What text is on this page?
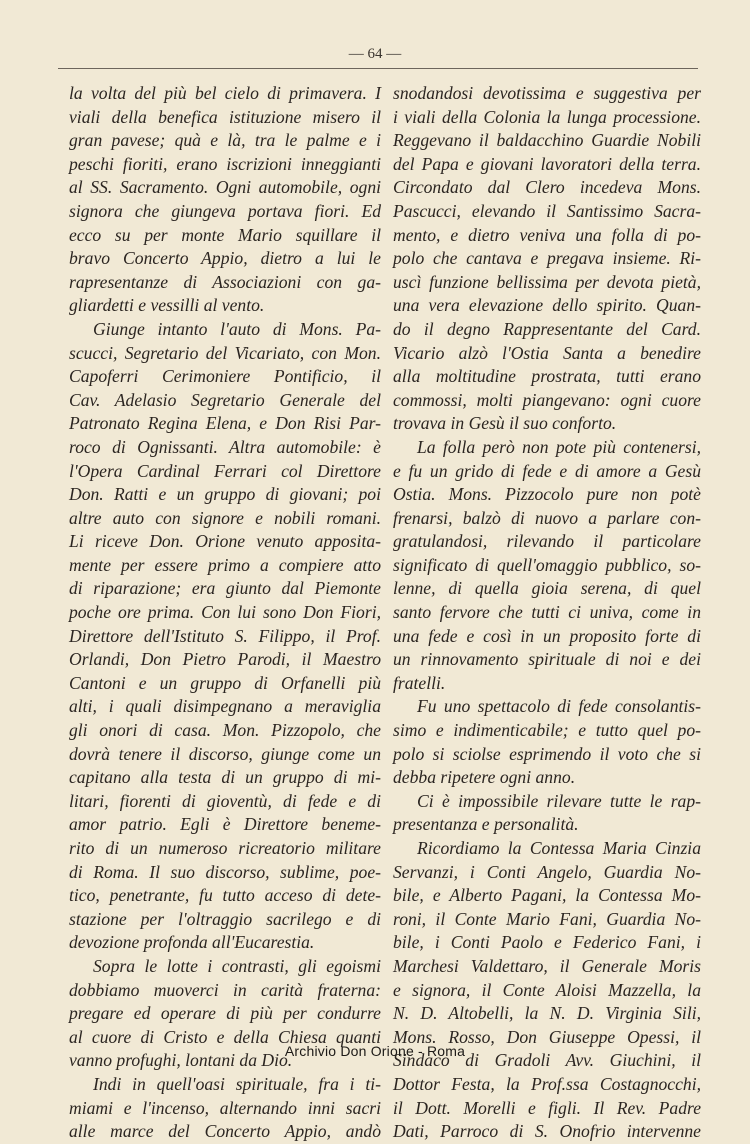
— 64 —
la volta del più bel cielo di primavera. I
viali della benefica istituzione misero il
gran pavese; quà e là, tra le palme e i
peschi fioriti, erano iscrizioni inneggianti
al SS. Sacramento. Ogni automobile, ogni
signora che giungeva portava fiori. Ed
ecco su per monte Mario squillare il
bravo Concerto Appio, dietro a lui le
rapresentanze di Associazioni con ga-
gliardetti e vessilli al vento.
Giunge intanto l'auto di Mons. Pa-
scucci, Segretario del Vicariato, con Mon.
Capoferri Cerimoniere Pontificio, il
Cav. Adelasio Segretario Generale del
Patronato Regina Elena, e Don Risi Par-
roco di Ognissanti. Altra automobile: è
l'Opera Cardinal Ferrari col Direttore
Don. Ratti e un gruppo di giovani; poi
altre auto con signore e nobili romani.
Li riceve Don. Orione venuto apposita-
mente per essere primo a compiere atto
di riparazione; era giunto dal Piemonte
poche ore prima. Con lui sono Don Fiori,
Direttore dell'Istituto S. Filippo, il Prof.
Orlandi, Don Pietro Parodi, il Maestro
Cantoni e un gruppo di Orfanelli più
alti, i quali disimpegnano a meraviglia
gli onori di casa. Mon. Pizzopolo, che
dovrà tenere il discorso, giunge come un
capitano alla testa di un gruppo di mi-
litari, fiorenti di gioventù, di fede e di
amor patrio. Egli è Direttore beneme-
rito di un numeroso ricreatorio militare
di Roma. Il suo discorso, sublime, poe-
tico, penetrante, fu tutto acceso di dete-
stazione per l'oltraggio sacrilego e di
devozione profonda all'Eucarestia.
Sopra le lotte i contrasti, gli egoismi
dobbiamo muoverci in carità fraterna:
pregare ed operare di più per condurre
al cuore di Cristo e della Chiesa quanti
vanno profughi, lontani da Dio.
Indi in quell'oasi spirituale, fra i ti-
miami e l'incenso, alternando inni sacri
alle marce del Concerto Appio, andò
snodandosi devotissima e suggestiva per
i viali della Colonia la lunga processione.
Reggevano il baldacchino Guardie Nobili
del Papa e giovani lavoratori della terra.
Circondato dal Clero incedeva Mons.
Pascucci, elevando il Santissimo Sacra-
mento, e dietro veniva una folla di po-
polo che cantava e pregava insieme. Ri-
uscì funzione bellissima per devota pietà,
una vera elevazione dello spirito. Quan-
do il degno Rappresentante del Card.
Vicario alzò l'Ostia Santa a benedire
alla moltitudine prostrata, tutti erano
commossi, molti piangevano: ogni cuore
trovava in Gesù il suo conforto.
La folla però non pote più contenersi,
e fu un grido di fede e di amore a Gesù
Ostia. Mons. Pizzocolo pure non potè
frenarsi, balzò di nuovo a parlare con-
gratulandosi, rilevando il particolare
significato di quell'omaggio pubblico, so-
lenne, di quella gioia serena, di quel
santo fervore che tutti ci univa, come in
una fede e così in un proposito forte di
un rinnovamento spirituale di noi e dei
fratelli.
Fu uno spettacolo di fede consolantis-
simo e indimenticabile; e tutto quel po-
polo si sciolse esprimendo il voto che si
debba ripetere ogni anno.
Ci è impossibile rilevare tutte le rap-
presentanza e personalità.
Ricordiamo la Contessa Maria Cinzia
Servanzi, i Conti Angelo, Guardia No-
bile, e Alberto Pagani, la Contessa Mo-
roni, il Conte Mario Fani, Guardia No-
bile, i Conti Paolo e Federico Fani, i
Marchesi Valdettaro, il Generale Moris
e signora, il Conte Aloisi Mazzella, la
N. D. Altobelli, la N. D. Virginia Sili,
Mons. Rosso, Don Giuseppe Opessi, il
Sindaco di Gradoli Avv. Giuchini, il
Dottor Festa, la Prof.ssa Costagnocchi,
il Dott. Morelli e figli. Il Rev. Padre
Dati, Parroco di S. Onofrio intervenne
Archivio Don Orione - Roma
